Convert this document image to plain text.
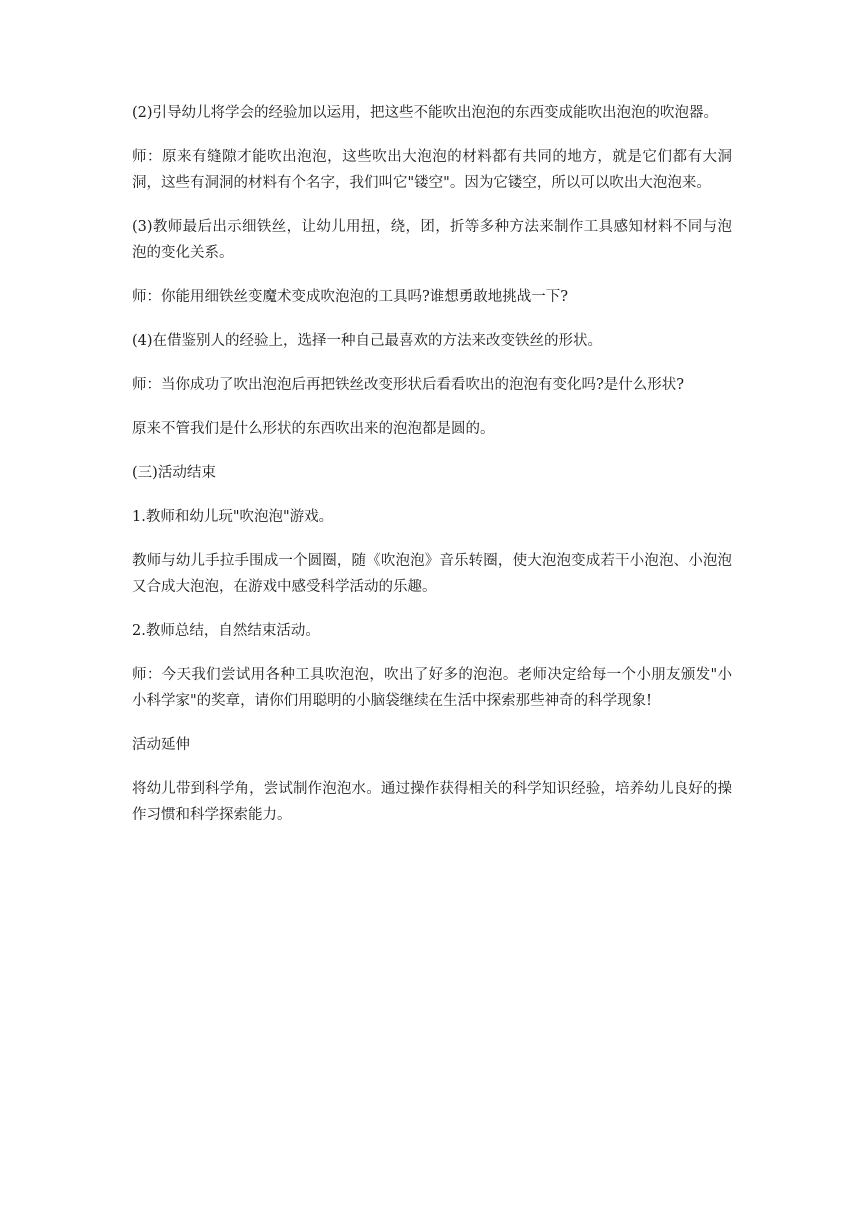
(2)引导幼儿将学会的经验加以运用，把这些不能吹出泡泡的东西变成能吹出泡泡的吹泡器。

师：原来有缝隙才能吹出泡泡，这些吹出大泡泡的材料都有共同的地方，就是它们都有大洞洞，这些有洞洞的材料有个名字，我们叫它"镂空"。因为它镂空，所以可以吹出大泡泡来。

(3)教师最后出示细铁丝，让幼儿用扭，绕，团，折等多种方法来制作工具感知材料不同与泡泡的变化关系。

师：你能用细铁丝变魔术变成吹泡泡的工具吗?谁想勇敢地挑战一下?

(4)在借鉴别人的经验上，选择一种自己最喜欢的方法来改变铁丝的形状。

师：当你成功了吹出泡泡后再把铁丝改变形状后看看吹出的泡泡有变化吗?是什么形状?

原来不管我们是什么形状的东西吹出来的泡泡都是圆的。

(三)活动结束

1.教师和幼儿玩"吹泡泡"游戏。

教师与幼儿手拉手围成一个圆圈，随《吹泡泡》音乐转圈，使大泡泡变成若干小泡泡、小泡泡又合成大泡泡，在游戏中感受科学活动的乐趣。

2.教师总结，自然结束活动。

师：今天我们尝试用各种工具吹泡泡，吹出了好多的泡泡。老师决定给每一个小朋友颁发"小小科学家"的奖章，请你们用聪明的小脑袋继续在生活中探索那些神奇的科学现象!

活动延伸

将幼儿带到科学角，尝试制作泡泡水。通过操作获得相关的科学知识经验，培养幼儿良好的操作习惯和科学探索能力。
